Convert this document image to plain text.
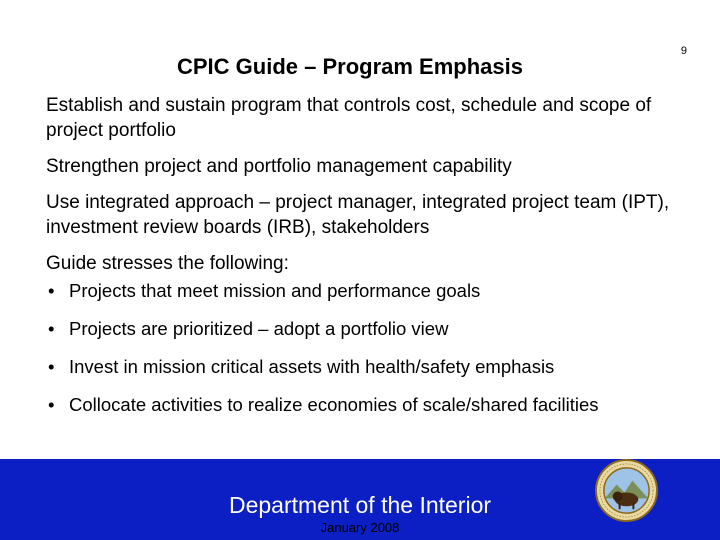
9
CPIC Guide – Program Emphasis

Establish and sustain program that controls cost, schedule and scope of project portfolio

Strengthen project and portfolio management capability

Use integrated approach – project manager, integrated project team (IPT), investment review boards (IRB), stakeholders

Guide stresses the following:

• Projects that meet mission and performance goals
• Projects are prioritized – adopt a portfolio view
• Invest in mission critical assets with health/safety emphasis
• Collocate activities to realize economies of scale/shared facilities
Department of the Interior
January 2008
